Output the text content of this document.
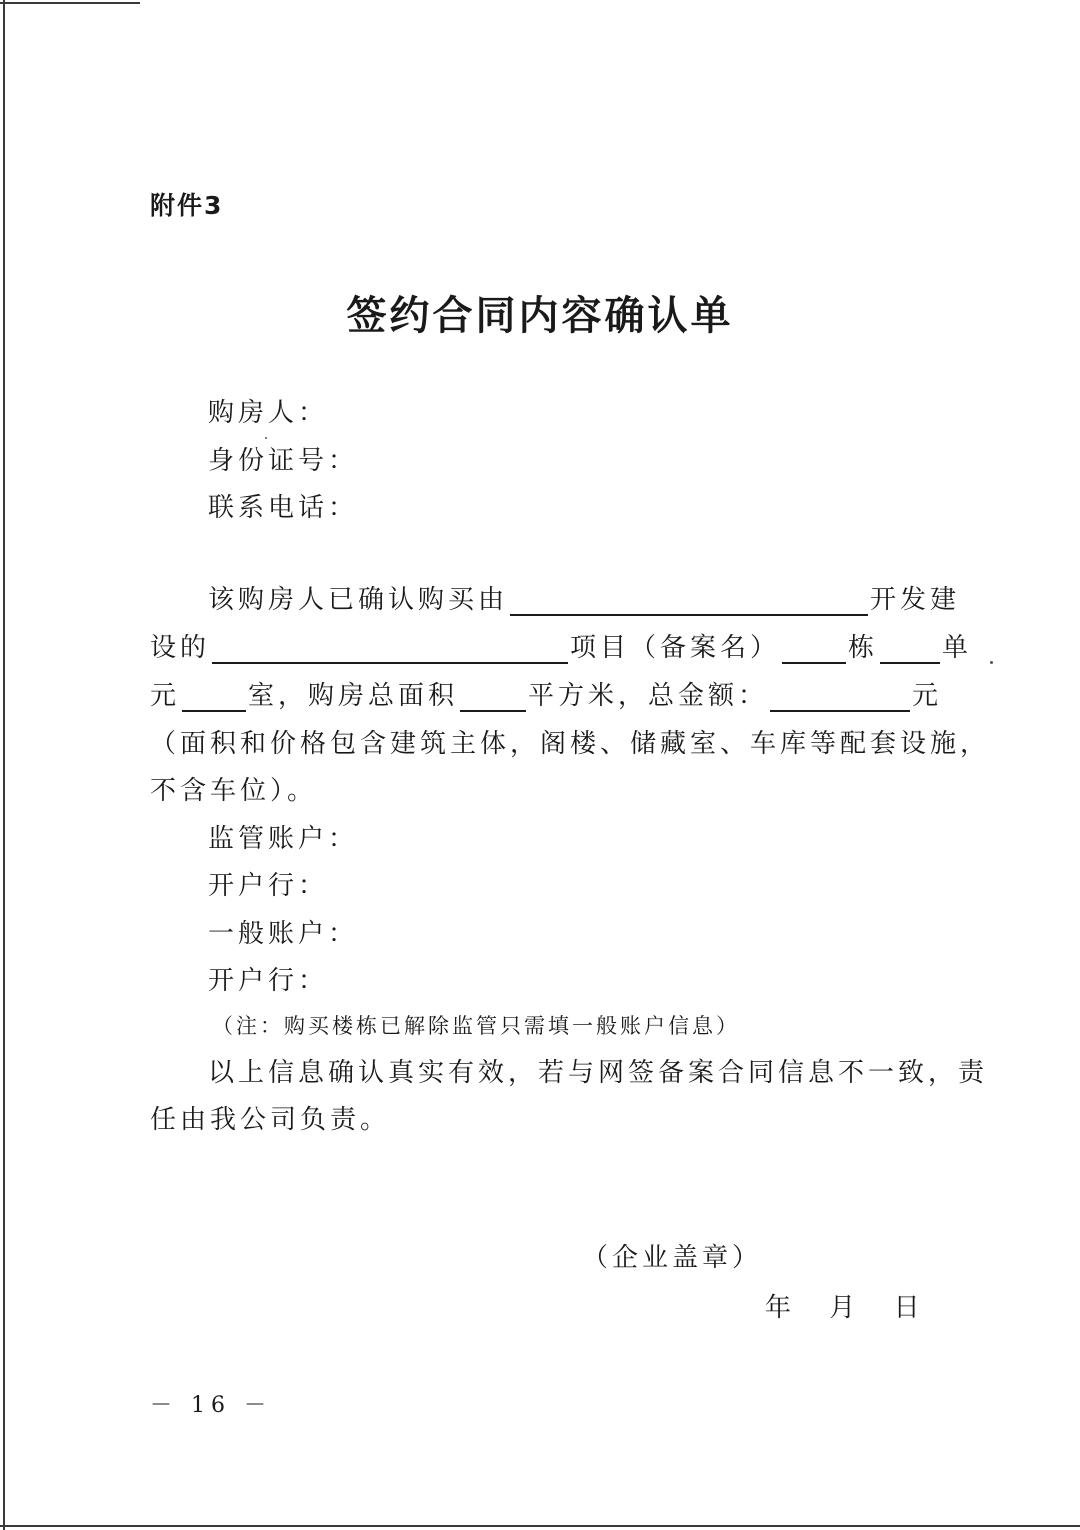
附件3
签约合同内容确认单
购房人：
身份证号：
联系电话：
该购房人已确认购买由	开发建
设的	项目（备案名）	栋 单
元	室，购房总面积	平方米，总金额：	元
（面积和价格包含建筑主体，阁楼、储藏室、车库等配套设施，
不含车位）。
监管账户：
开户行：
一般账户：
开户行：
（注：购买楼栋已解除监管只需填一般账户信息）
以上信息确认真实有效，若与网签备案合同信息不一致，责
任由我公司负责。
（企业盖章）
年 月 日
－ 16 －
